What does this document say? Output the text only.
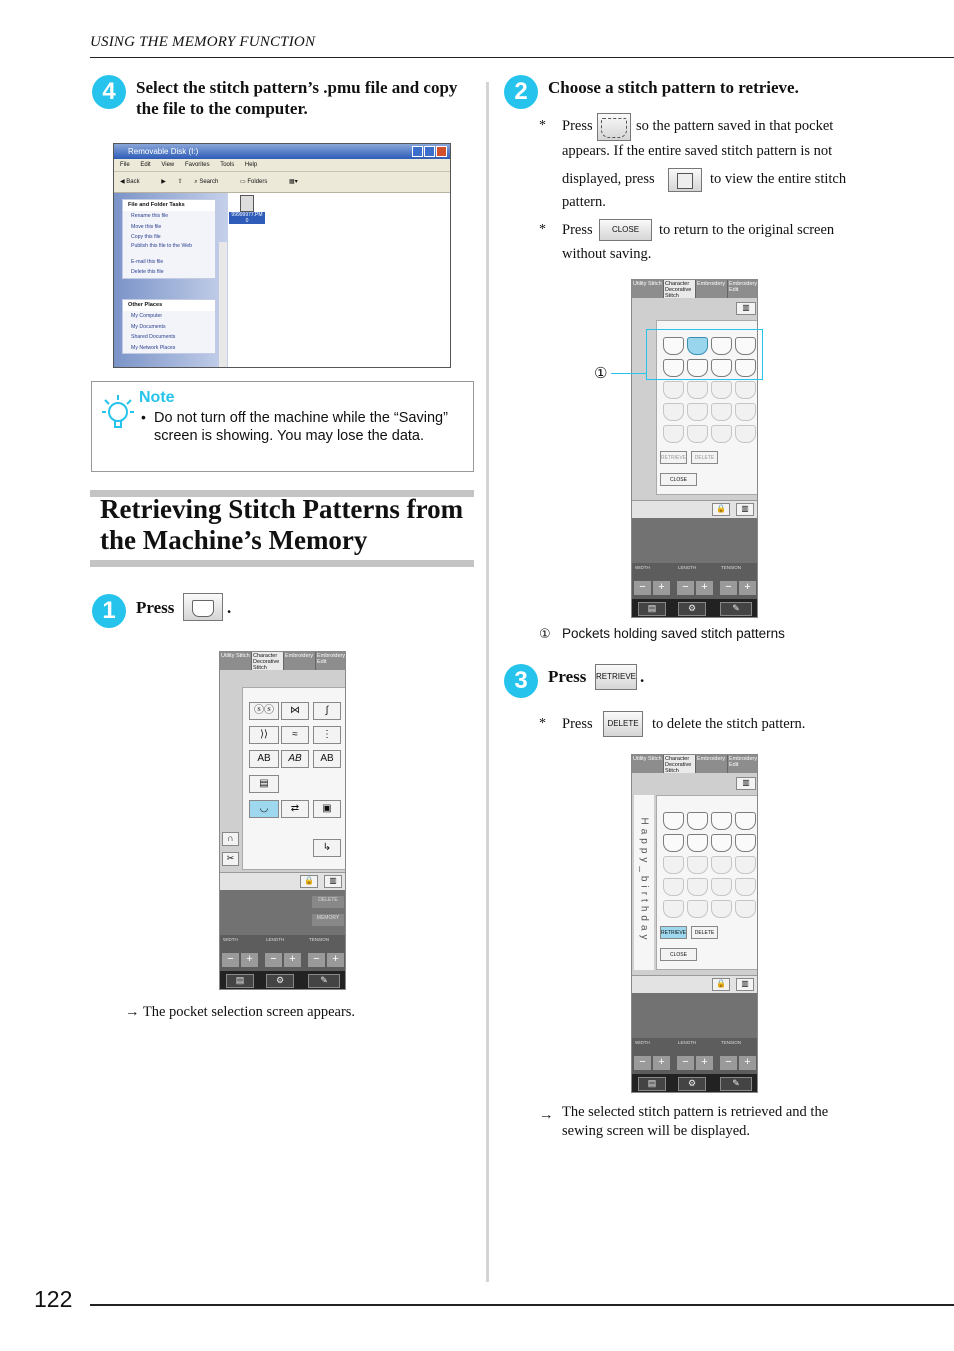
USING THE MEMORY FUNCTION
4	Select the stitch pattern’s .pmu file and copy the file to the computer.
Removable Disk (I:)
File Edit View Favorites Tools Help
◀ Back	▶ ⇧ ⌕ Search	▭ Folders	▦▾
File and Folder Tasks
Rename this file
Move this file
Copy this file
Publish this file to the Web
E-mail this file
Delete this file
Other Places
My Computer
My Documents
Shared Documents
My Network Places
99999977.PM
0
Note
• Do not turn off the machine while the “Saving” screen is showing. You may lose the data.
Retrieving Stitch Patterns from the Machine’s Memory
1	Press	.
Utility Stitch Character Decorative Stitch
Embroidery Embroidery Edit
ⓢⓢ	⋈	∫
⟩⟩	≈	⋮
AB	AB	AB
▤
◡	⇄	▣
↳
∩
✂
🔒	▥
DELETE
MEMORY
WIDTH	LENGTH	TENSION
−	+	−	+	−	+
▤	⚙	✎
→ The pocket selection screen appears.
2	Choose a stitch pattern to retrieve.
* Press	so the pattern saved in that pocket
appears. If the entire saved stitch pattern is not
displayed, press	to view the entire stitch
pattern.
* Press	CLOSE	to return to the original screen
without saving.
Utility Stitch Character Decorative Stitch
Embroidery Embroidery Edit
▥
RETRIEVE	DELETE
CLOSE
🔒	▥
WIDTH	LENGTH	TENSION
−	+	−	+	−	+
▤	⚙	✎
①
① Pockets holding saved stitch patterns
3	Press RETRIEVE .
* Press	DELETE to delete the stitch pattern.
Utility Stitch Character Decorative Stitch
Embroidery Embroidery Edit
▥
Happy_birthday RETRIEVE	DELETE
CLOSE
🔒	▥
WIDTH	LENGTH	TENSION
−	+	−	+	−	+
▤	⚙	✎
→ The selected stitch pattern is retrieved and the
sewing screen will be displayed.
122
